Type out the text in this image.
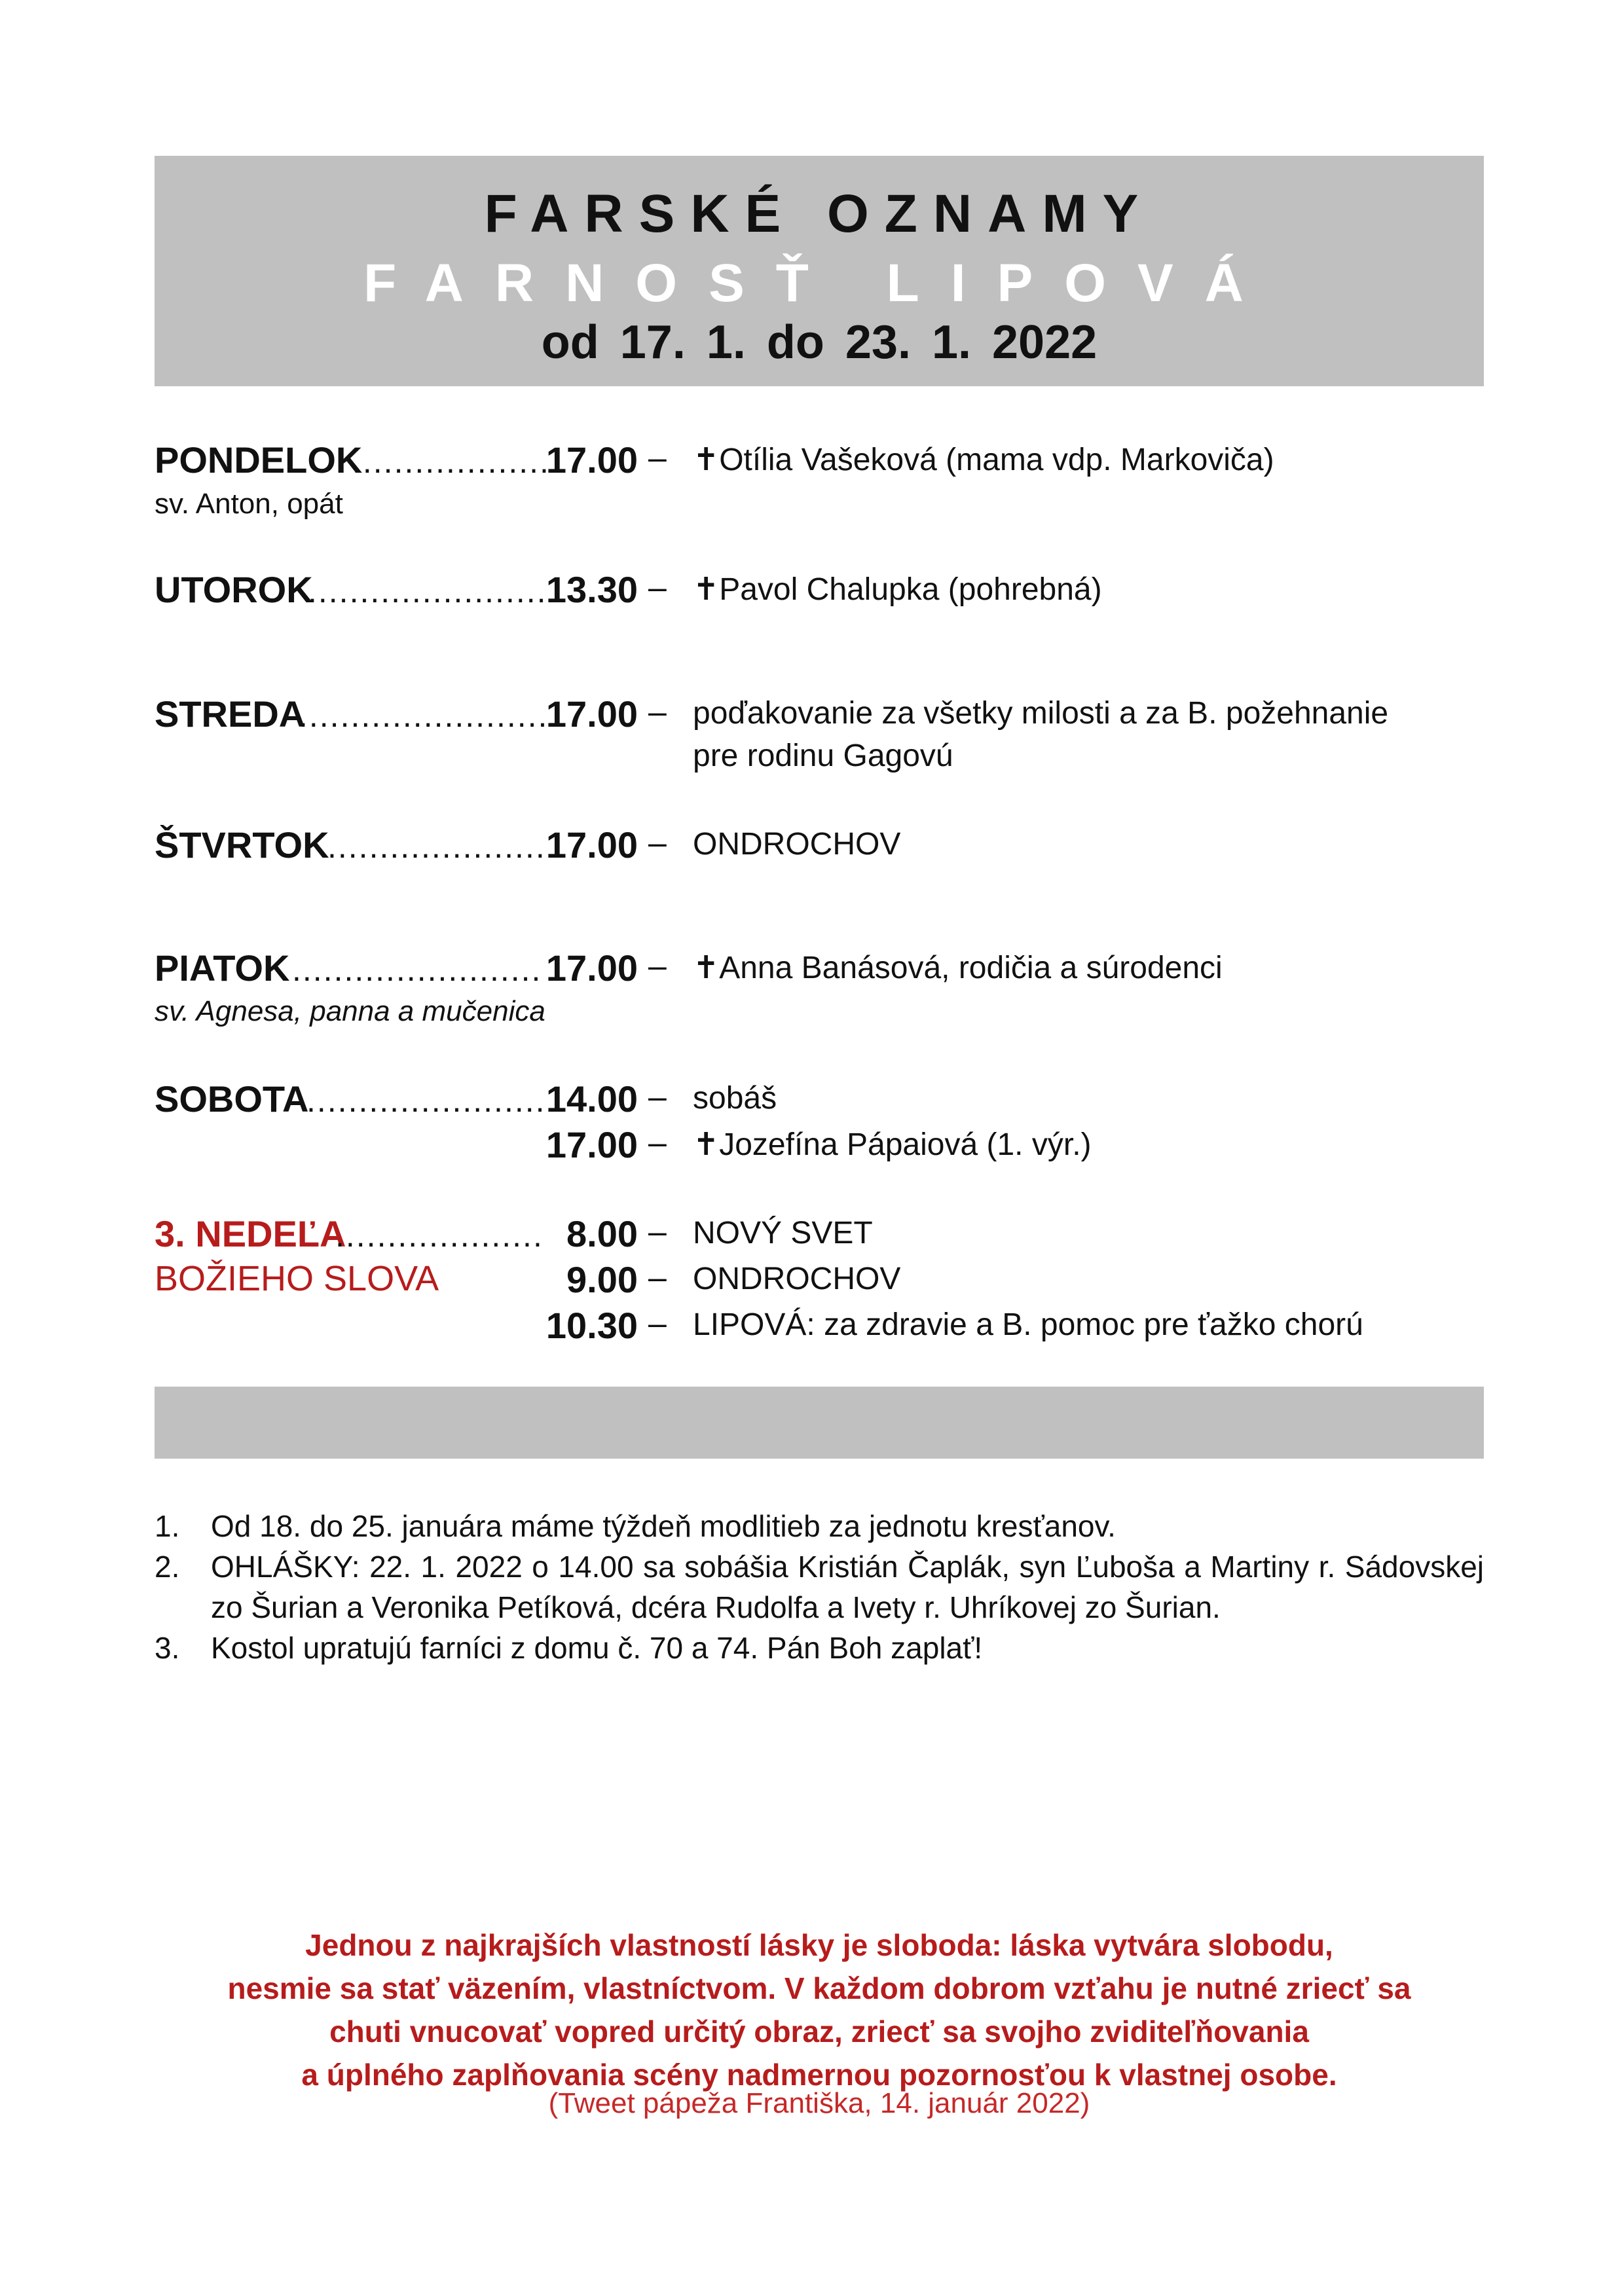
FARSKÉ OZNAMY
FARNOSŤ LIPOVÁ
od 17. 1. do 23. 1. 2022
PONDELOK
....................
17.00 – ✝Otília Vašeková (mama vdp. Markoviča)
sv. Anton, opát
UTOROK
.......................
13.30 – ✝Pavol Chalupka (pohrebná)
STREDA
.........................
17.00 – poďakovanie za všetky milosti a za B. požehnanie
pre rodinu Gagovú
ŠTVRTOK
..................... 17.00 – ONDROCHOV
PIATOK ........................ 17.00 – ✝Anna Banásová, rodičia a súrodenci
sv. Agnesa, panna a mučenica
SOBOTA
....................... 14.00 – sobáš
17.00 – ✝Jozefína Pápaiová (1. výr.)
3. NEDEĽA
.................... 8.00 – NOVÝ SVET
BOŽIEHO SLOVA	9.00 – ONDROCHOV
10.30 – LIPOVÁ: za zdravie a B. pomoc pre ťažko chorú
1. Od 18. do 25. januára máme týždeň modlitieb za jednotu kresťanov.
2. OHLÁŠKY: 22. 1. 2022 o 14.00 sa sobášia Kristián Čaplák, syn Ľuboša a Martiny r. Sádovskej zo Šurian a Veronika Petíková, dcéra Rudolfa a Ivety r. Uhríkovej zo Šurian.
3. Kostol upratujú farníci z domu č. 70 a 74. Pán Boh zaplať!
Jednou z najkrajších vlastností lásky je sloboda: láska vytvára slobodu,
nesmie sa stať väzením, vlastníctvom. V každom dobrom vzťahu je nutné zriecť sa
chuti vnucovať vopred určitý obraz, zriecť sa svojho zviditeľňovania
a úplného zaplňovania scény nadmernou pozornosťou k vlastnej osobe.
(Tweet pápeža Františka, 14. január 2022)
